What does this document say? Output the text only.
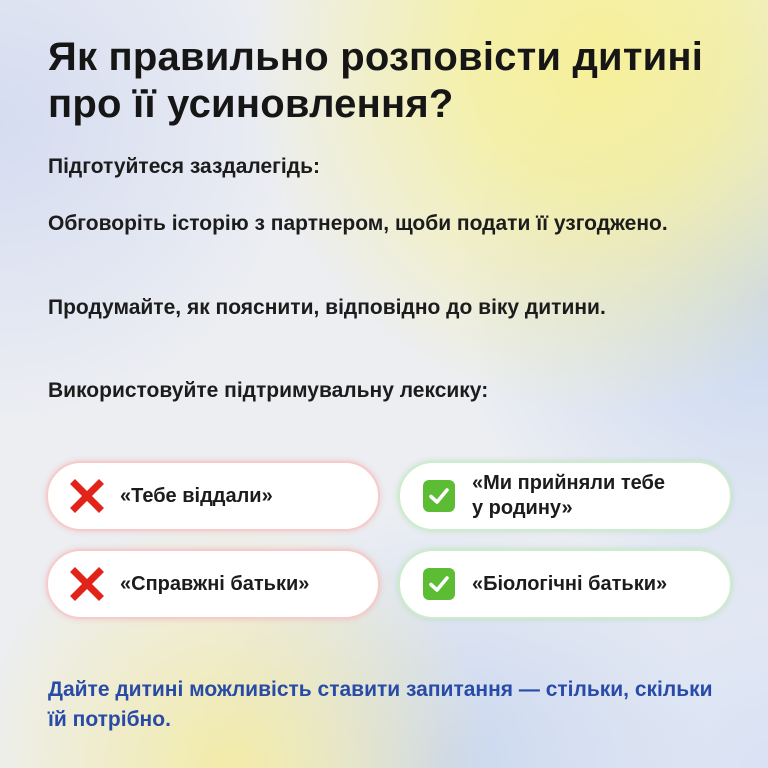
Як правильно розповісти дитині про її усиновлення?

Підготуйтеся заздалегідь:

Обговоріть історію з партнером, щоби подати її узгоджено.

Продумайте, як пояснити, відповідно до віку дитини.

Використовуйте підтримувальну лексику:

«Тебе віддали»
«Ми прийняли тебе у родину»
«Справжні батьки»	«Біологічні батьки»

Дайте дитині можливість ставити запитання — стільки, скільки їй потрібно.
